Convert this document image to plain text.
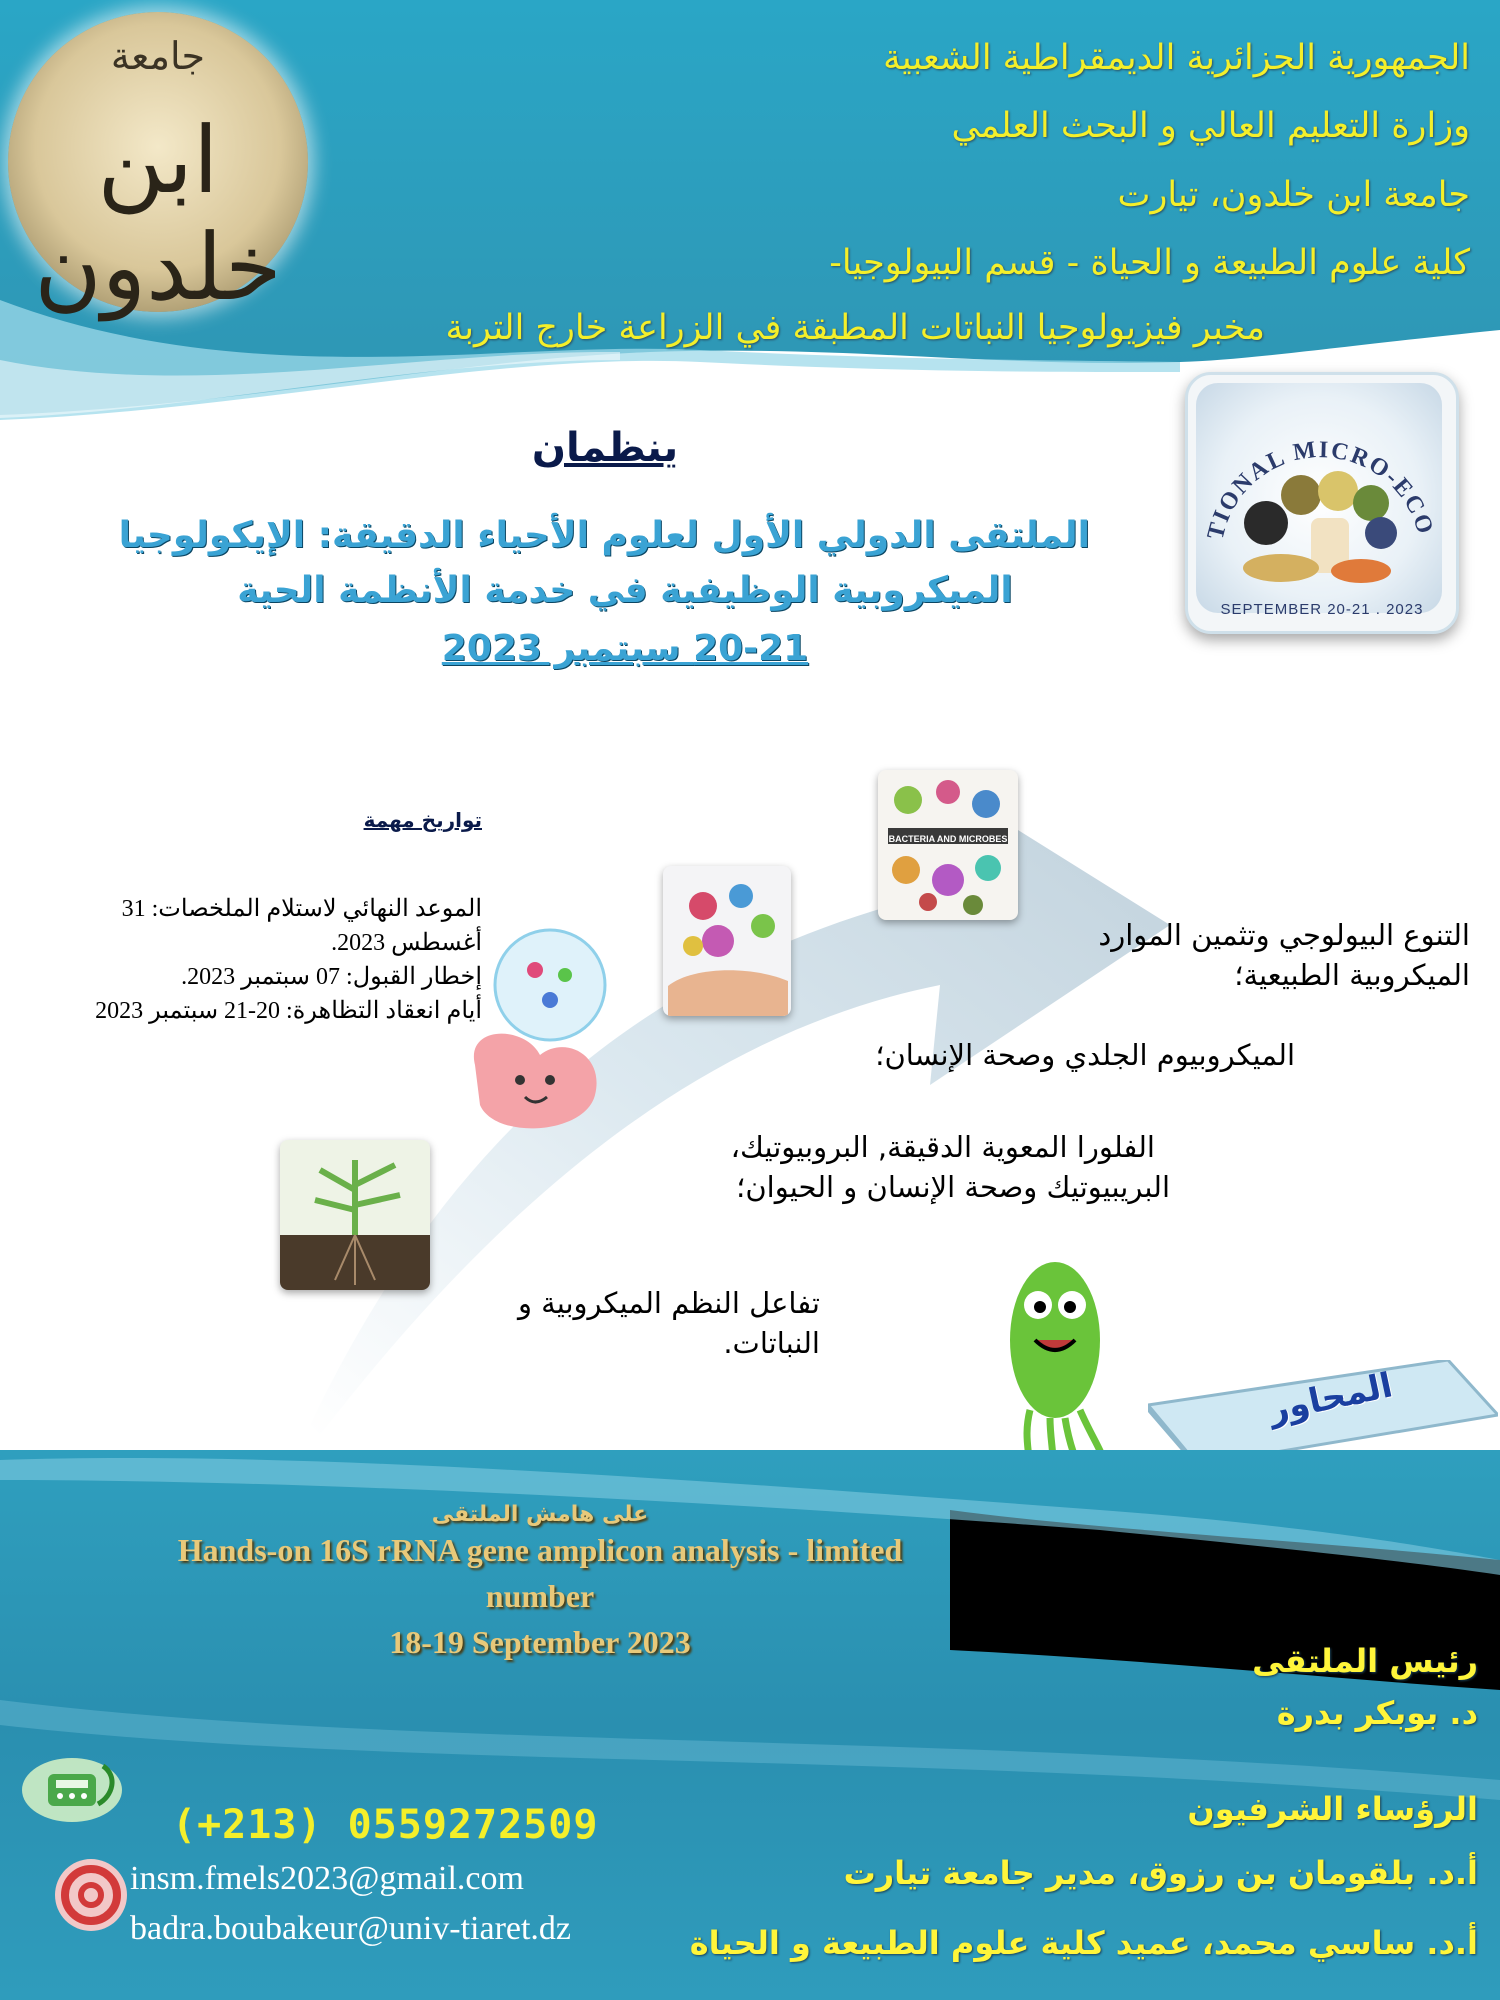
جامعة
ابن خلدون
الجمهورية الجزائرية الديمقراطية الشعبية
وزارة التعليم العالي و البحث العلمي
جامعة ابن خلدون، تيارت
كلية علوم الطبيعة و الحياة - قسم البيولوجيا-
مخبر فيزيولوجيا النباتات المطبقة في الزراعة خارج التربة
TIONAL MICRO-ECO
SEPTEMBER 20-21 . 2023
ينظمان
الملتقى الدولي الأول لعلوم الأحياء الدقيقة: الإيكولوجيا
الميكروبية الوظيفية في خدمة الأنظمة الحية
20-21 سبتمبر 2023
BACTERIA AND MICROBES
المحاور
التنوع البيولوجي وتثمين الموارد
الميكروبية الطبيعية؛
الميكروبيوم الجلدي وصحة الإنسان؛
الفلورا المعوية الدقيقة, البروبيوتيك،
البريبيوتيك وصحة الإنسان و الحيوان؛
تفاعل النظم الميكروبية و
النباتات.
تواريخ مهمة
الموعد النهائي لاستلام الملخصات: 31
أغسطس 2023.
إخطار القبول: 07 سبتمبر 2023.
أيام انعقاد التظاهرة: 20-21 سبتمبر 2023
على هامش الملتقى
Hands-on 16S rRNA gene amplicon analysis - limited
number
18-19 September 2023	رئيس الملتقى
د. بوبكر بدرة
الرؤساء الشرفيون
أ.د. بلقومان بن رزوق، مدير جامعة تيارت
أ.د. ساسي محمد، عميد كلية علوم الطبيعة و الحياة
(+213) 0559272509
insm.fmels2023@gmail.com
badra.boubakeur@univ-tiaret.dz
